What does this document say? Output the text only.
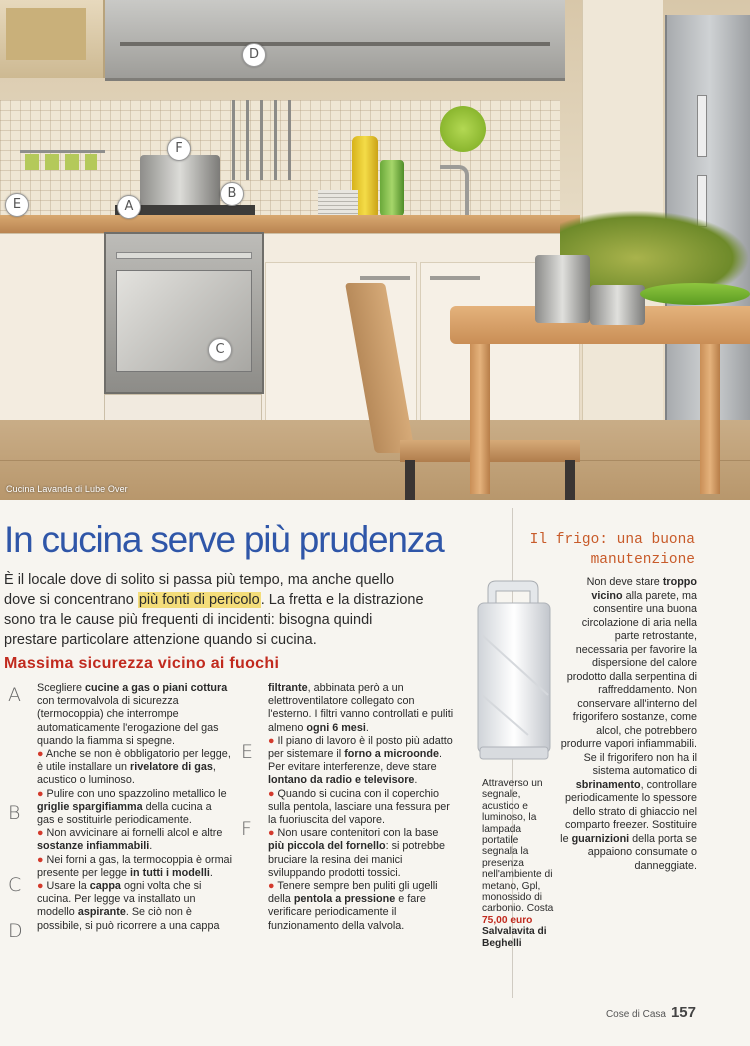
D
F
B
A
E
C
Cucina Lavanda di Lube Over
In cucina serve più prudenza

È il locale dove di solito si passa più tempo, ma anche quello dove si concentrano più fonti di pericolo. La fretta e la distrazione sono tra le cause più frequenti di incidenti: bisogna quindi prestare particolare attenzione quando si cucina.

Massima sicurezza vicino ai fuochi
A
B
C
D
E
F

Scegliere cucine a gas o piani cottura con termovalvola di sicurezza (termocoppia) che interrompe automaticamente l'erogazione del gas quando la fiamma si spegne.

● Anche se non è obbligatorio per legge, è utile installare un rivelatore di gas, acustico o luminoso.

● Pulire con uno spazzolino metallico le griglie spargifiamma della cucina a gas e sostituirle periodicamente.

● Non avvicinare ai fornelli alcol e altre sostanze infiammabili.

● Nei forni a gas, la termocoppia è ormai presente per legge in tutti i modelli.

● Usare la cappa ogni volta che si cucina. Per legge va installato un modello aspirante. Se ciò non è possibile, si può ricorrere a una cappa

filtrante, abbinata però a un elettroventilatore collegato con l'esterno. I filtri vanno controllati e puliti almeno ogni 6 mesi.

● Il piano di lavoro è il posto più adatto per sistemare il forno a microonde. Per evitare interferenze, deve stare lontano da radio e televisore.

● Quando si cucina con il coperchio sulla pentola, lasciare una fessura per la fuoriuscita del vapore.

● Non usare contenitori con la base più piccola del fornello: si potrebbe bruciare la resina dei manici sviluppando prodotti tossici.

● Tenere sempre ben puliti gli ugelli della pentola a pressione e fare verificare periodicamente il funzionamento della valvola.

Il frigo: una buona
manutenzione

Attraverso un segnale, acustico e luminoso, la lampada portatile segnala la presenza nell'ambiente di metano, Gpl, monossido di carbonio. Costa

75,00 euro

Salvalavita di Beghelli

Non deve stare troppo vicino alla parete, ma consentire una buona circolazione di aria nella parte retrostante, necessaria per favorire la dispersione del calore prodotto dalla serpentina di raffreddamento. Non conservare all'interno del frigorifero sostanze, come alcol, che potrebbero produrre vapori infiammabili. Se il frigorifero non ha il sistema automatico di sbrinamento, controllare periodicamente lo spessore dello strato di ghiaccio nel comparto freezer. Sostituire le guarnizioni della porta se appaiono consumate o danneggiate.

Cose di Casa 157
